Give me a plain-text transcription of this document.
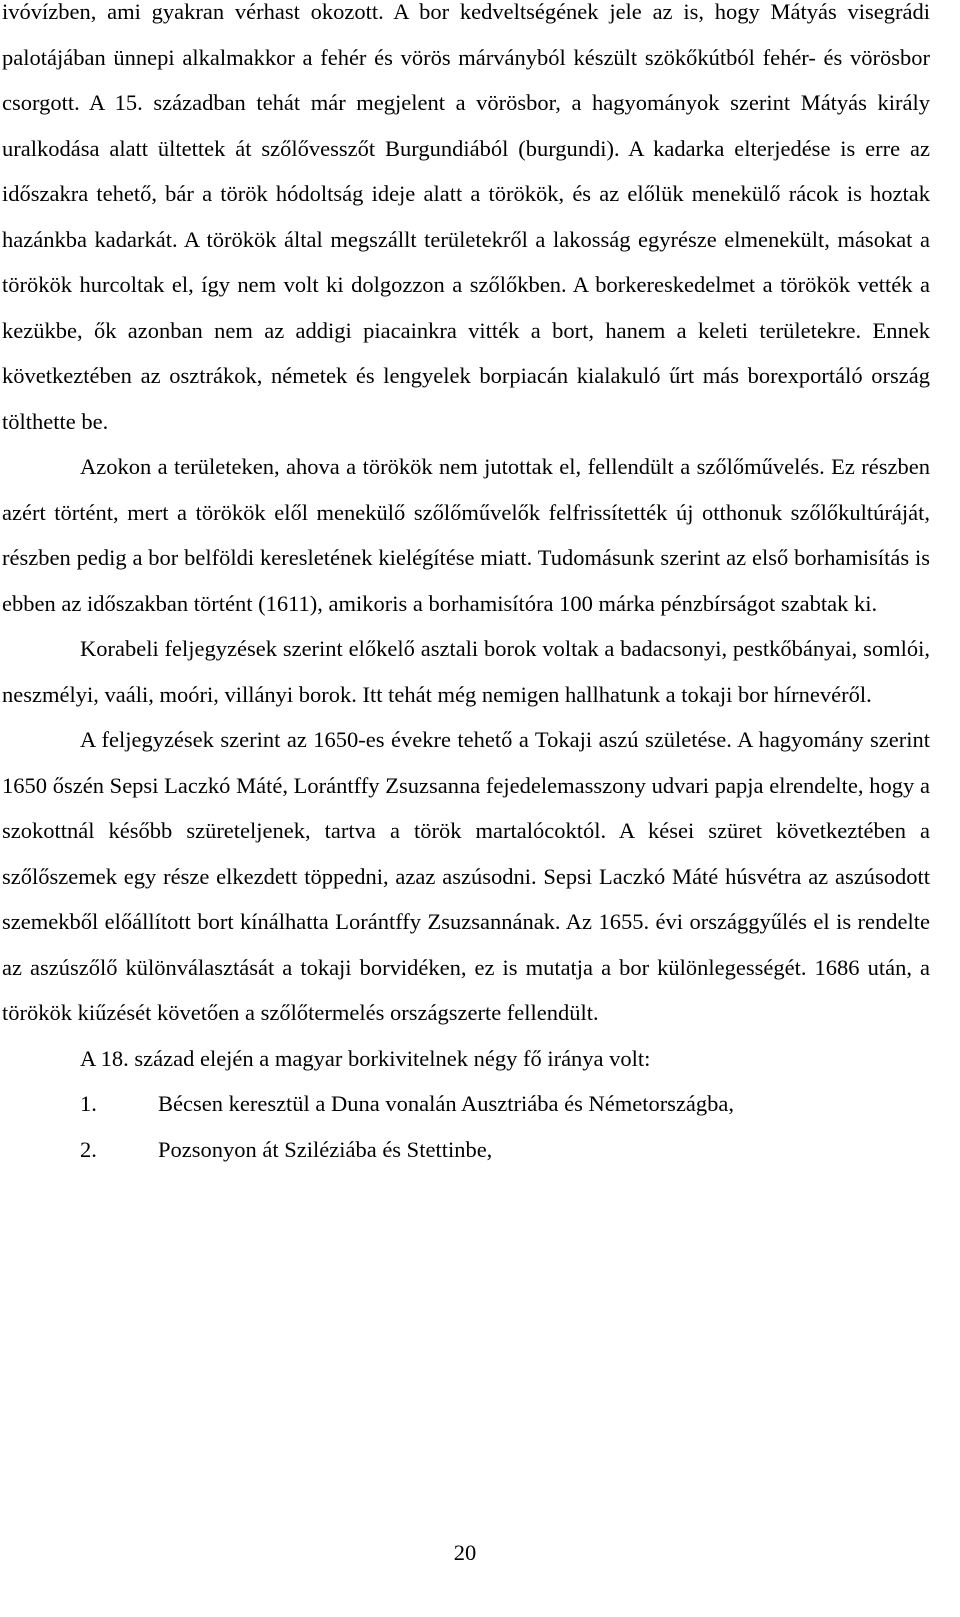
ivóvízben, ami gyakran vérhast okozott. A bor kedveltségének jele az is, hogy Mátyás visegrádi palotájában ünnepi alkalmakkor a fehér és vörös márványból készült szökőkútból fehér- és vörösbor csorgott. A 15. században tehát már megjelent a vörösbor, a hagyományok szerint Mátyás király uralkodása alatt ültettek át szőlővesszőt Burgundiából (burgundi). A kadarka elterjedése is erre az időszakra tehető, bár a török hódoltság ideje alatt a törökök, és az előlük menekülő rácok is hoztak hazánkba kadarkát. A törökök által megszállt területekről a lakosság egyrésze elmenekült, másokat a törökök hurcoltak el, így nem volt ki dolgozzon a szőlőkben. A borkereskedelmet a törökök vették a kezükbe, ők azonban nem az addigi piacainkra vitték a bort, hanem a keleti területekre. Ennek következtében az osztrákok, németek és lengyelek borpiacán kialakuló űrt más borexportáló ország tölthette be.

Azokon a területeken, ahova a törökök nem jutottak el, fellendült a szőlőművelés. Ez részben azért történt, mert a törökök elől menekülő szőlőművelők felfrissítették új otthonuk szőlőkultúráját, részben pedig a bor belföldi keresletének kielégítése miatt. Tudomásunk szerint az első borhamisítás is ebben az időszakban történt (1611), amikoris a borhamisítóra 100 márka pénzbírságot szabtak ki.

Korabeli feljegyzések szerint előkelő asztali borok voltak a badacsonyi, pestkőbányai, somlói, neszmélyi, vaáli, moóri, villányi borok. Itt tehát még nemigen hallhatunk a tokaji bor hírnevéről.

A feljegyzések szerint az 1650-es évekre tehető a Tokaji aszú születése. A hagyomány szerint 1650 őszén Sepsi Laczkó Máté, Lorántffy Zsuzsanna fejedelemasszony udvari papja elrendelte, hogy a szokottnál később szüreteljenek, tartva a török martalócoktól. A kései szüret következtében a szőlőszemek egy része elkezdett töppedni, azaz aszúsodni. Sepsi Laczkó Máté húsvétra az aszúsodott szemekből előállított bort kínálhatta Lorántffy Zsuzsannának. Az 1655. évi országgyűlés el is rendelte az aszúszőlő különválasztását a tokaji borvidéken, ez is mutatja a bor különlegességét. 1686 után, a törökök kiűzését követően a szőlőtermelés országszerte fellendült.

A 18. század elején a magyar borkivitelnek négy fő iránya volt:

1.	Bécsen keresztül a Duna vonalán Ausztriába és Németországba,
2.	Pozsonyon át Sziléziába és Stettinbe,
20
